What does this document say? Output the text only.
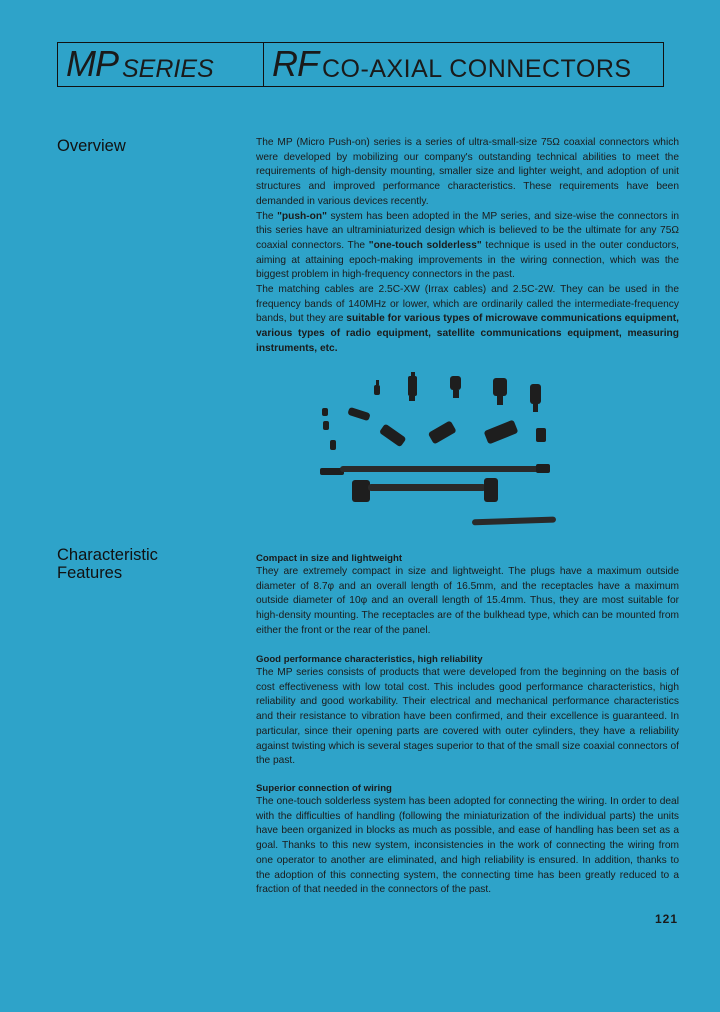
MP SERIES RF CO-AXIAL CONNECTORS
Overview	The MP (Micro Push-on) series is a series of ultra-small-size 75Ω coaxial connectors which were developed by mobilizing our company's outstanding technical abilities to meet the requirements of high-density mounting, smaller size and lighter weight, and adoption of unit structures and improved performance characteristics. These requirements have been demanded in various devices recently.

The "push-on" system has been adopted in the MP series, and size-wise the connectors in this series have an ultraminiaturized design which is believed to be the ultimate for any 75Ω coaxial connectors. The "one-touch solderless" technique is used in the outer conductors, aiming at attaining epoch-making improvements in the wiring connection, which was the biggest problem in high-frequency connectors in the past.

The matching cables are 2.5C-XW (Irrax cables) and 2.5C-2W. They can be used in the frequency bands of 140MHz or lower, which are ordinarily called the intermediate-frequency bands, but they are suitable for various types of microwave communications equipment, various types of radio equipment, satellite communications equipment, measuring instruments, etc.

Characteristic
Features

Compact in size and lightweight

They are extremely compact in size and lightweight. The plugs have a maximum outside diameter of 8.7φ and an overall length of 16.5mm, and the receptacles have a maximum outside diameter of 10φ and an overall length of 15.4mm. Thus, they are most suitable for high-density mounting. The receptacles are of the bulkhead type, which can be mounted from either the front or the rear of the panel.

Good performance characteristics, high reliability

The MP series consists of products that were developed from the beginning on the basis of cost effectiveness with low total cost. This includes good performance characteristics, high reliability and good workability. Their electrical and mechanical performance characteristics and their resistance to vibration have been confirmed, and their excellence is guaranteed. In particular, since their opening parts are covered with outer cylinders, they have a reliability against twisting which is several stages superior to that of the small size coaxial connectors of the past.

Superior connection of wiring

The one-touch solderless system has been adopted for connecting the wiring. In order to deal with the difficulties of handling (following the miniaturization of the individual parts) the units have been organized in blocks as much as possible, and ease of handling has been set as a goal. Thanks to this new system, inconsistencies in the work of connecting the wiring from one operator to another are eliminated, and high reliability is ensured. In addition, thanks to the adoption of this connecting system, the connecting time has been greatly reduced to a fraction of that needed in the connectors of the past.

121
